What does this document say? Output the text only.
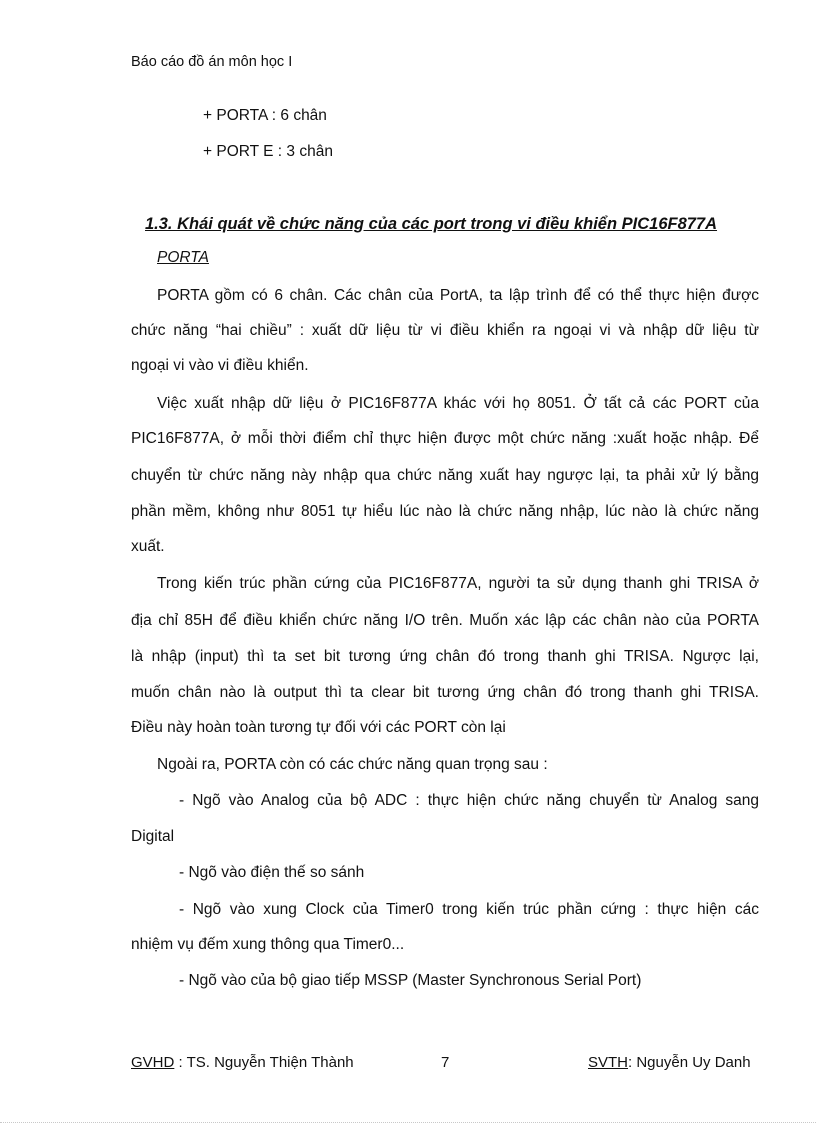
Báo cáo đồ án môn học I
+ PORTA : 6 chân
+ PORT E : 3 chân
1.3. Khái quát về chức năng của các port trong vi điều khiển PIC16F877A
PORTA
PORTA gồm có 6 chân. Các chân của PortA, ta lập trình để có thể thực hiện được
chức năng “hai chiều” : xuất dữ liệu từ vi điều khiển ra ngoại vi và nhập dữ liệu từ
ngoại vi vào vi điều khiển.
Việc xuất nhập dữ liệu ở PIC16F877A khác với họ 8051. Ở tất cả các PORT của
PIC16F877A, ở mỗi thời điểm chỉ thực hiện được một chức năng :xuất hoặc nhập. Để
chuyển từ chức năng này nhập qua chức năng xuất hay ngược lại, ta phải xử lý bằng
phần mềm, không như 8051 tự hiểu lúc nào là chức năng nhập, lúc nào là chức năng
xuất.
Trong kiến trúc phần cứng của PIC16F877A, người ta sử dụng thanh ghi TRISA ở
địa chỉ 85H để điều khiển chức năng I/O trên. Muốn xác lập các chân nào của PORTA
là nhập (input) thì ta set bit tương ứng chân đó trong thanh ghi TRISA. Ngược lại,
muốn chân nào là output thì ta clear bit tương ứng chân đó trong thanh ghi TRISA.
Điều này hoàn toàn tương tự đối với các PORT còn lại
Ngoài ra, PORTA còn có các chức năng quan trọng sau :
- Ngõ vào Analog của bộ ADC : thực hiện chức năng chuyển từ Analog sang
Digital
- Ngõ vào điện thế so sánh
- Ngõ vào xung Clock của Timer0 trong kiến trúc phần cứng : thực hiện các
nhiệm vụ đếm xung thông qua Timer0...
- Ngõ vào của bộ giao tiếp MSSP (Master Synchronous Serial Port)
GVHD : TS. Nguyễn Thiện Thành	7	SVTH: Nguyễn Uy Danh
